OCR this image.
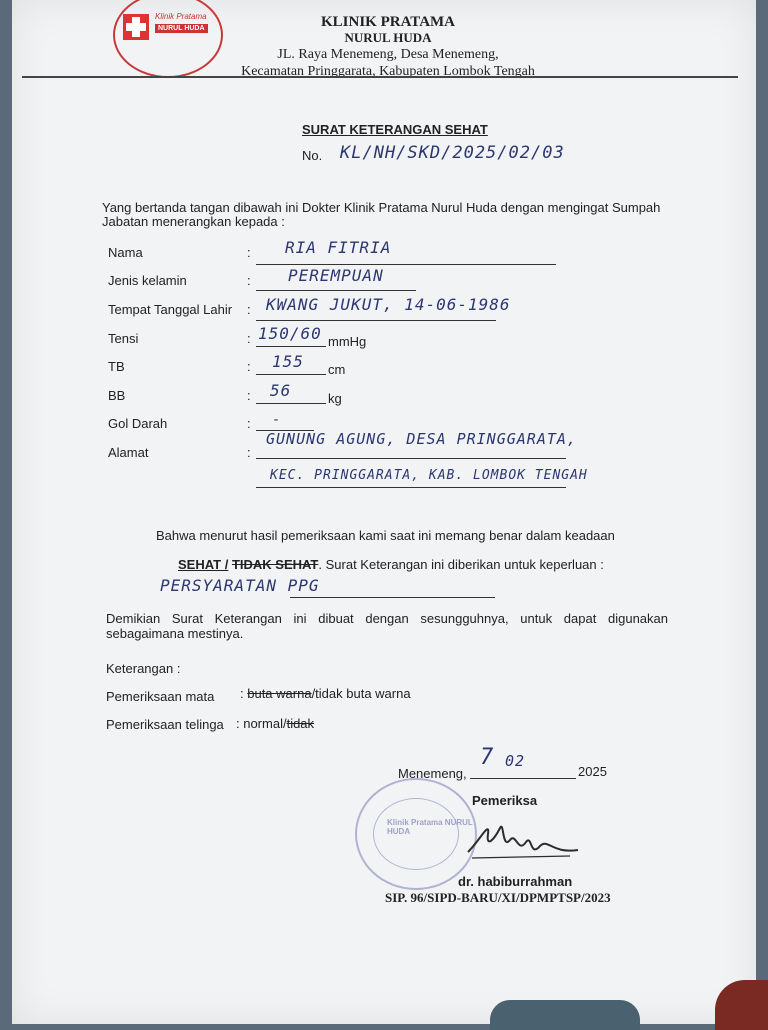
Klinik Pratama
NURUL HUDA	KLINIK PRATAMA
NURUL HUDA
JL. Raya Menemeng, Desa Menemeng,
Kecamatan Pringgarata, Kabupaten Lombok Tengah
SURAT KETERANGAN SEHAT
No. KL/NH/SKD/2025/02/03
Yang bertanda tangan dibawah ini Dokter Klinik Pratama Nurul Huda dengan mengingat Sumpah Jabatan menerangkan kepada :
Nama	: RIA FITRIA
Jenis kelamin	: PEREMPUAN
Tempat Tanggal Lahir : KWANG JUKUT, 14-06-1986
Tensi	: 150/60 mmHg
TB	: 155 cm
BB	: 56	kg
Gol Darah	: -
Alamat	:
GUNUNG AGUNG, DESA PRINGGARATA,
KEC. PRINGGARATA, KAB. LOMBOK TENGAH
Bahwa menurut hasil pemeriksaan kami saat ini memang benar dalam keadaan
SEHAT / TIDAK SEHAT. Surat Keterangan ini diberikan untuk keperluan :
PERSYARATAN PPG
Demikian Surat Keterangan ini dibuat dengan sesungguhnya, untuk dapat digunakan sebagaimana mestinya.
Keterangan :
Pemeriksaan mata : buta warna/tidak buta warna
Pemeriksaan telinga : normal/tidak
Menemeng,
7 02
2025
Klinik Pratama NURUL HUDA
Pemeriksa
dr. habiburrahman
SIP. 96/SIPD-BARU/XI/DPMPTSP/2023
